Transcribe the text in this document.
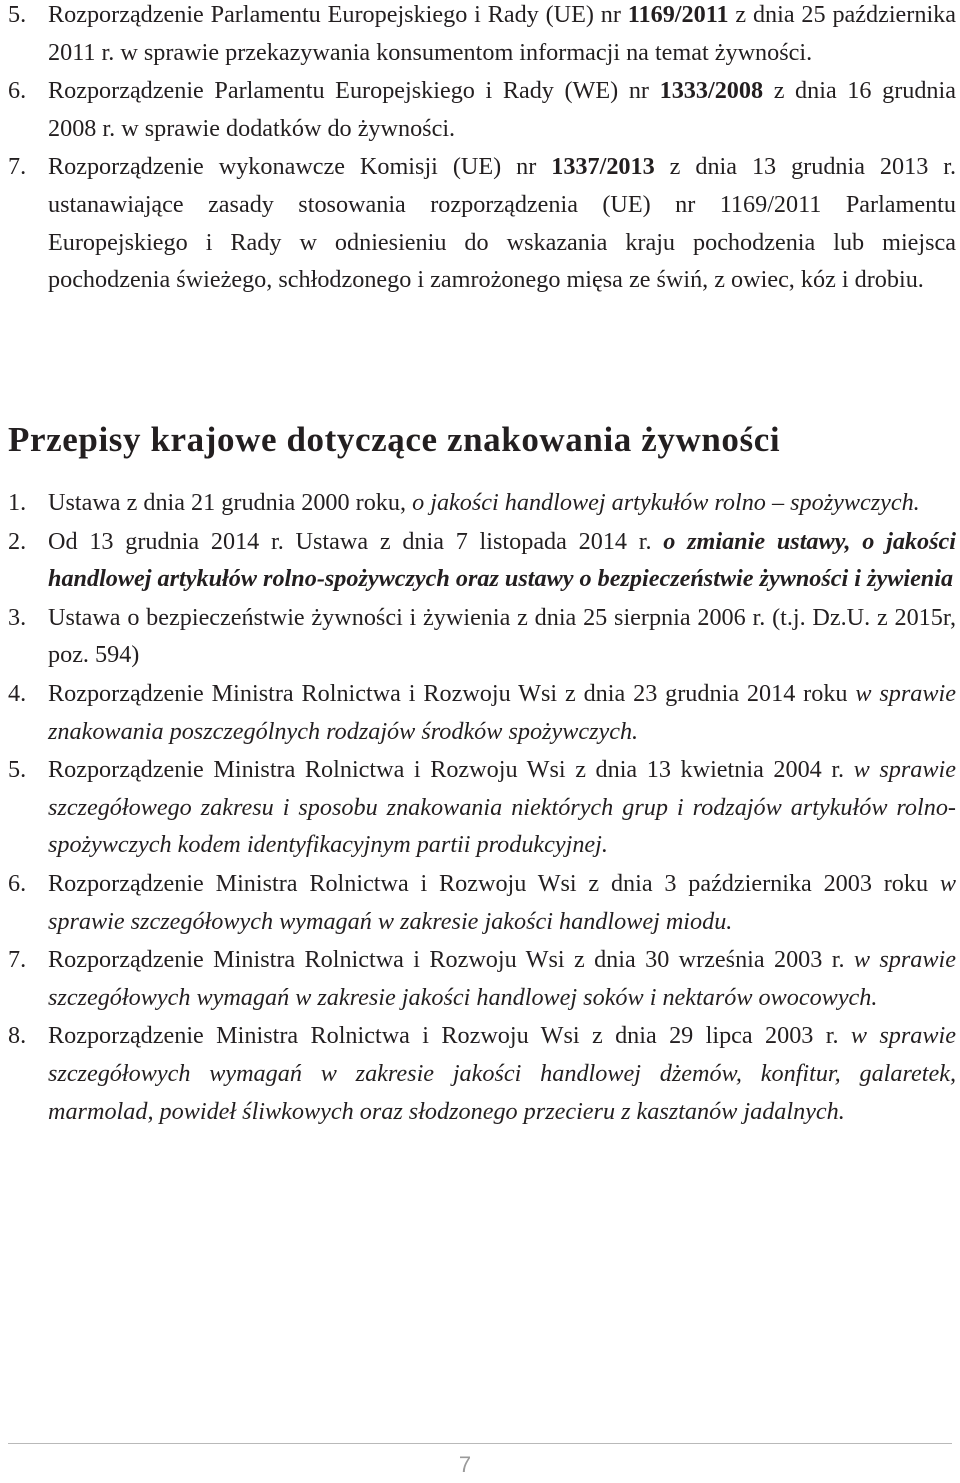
5. Rozporządzenie Parlamentu Europejskiego i Rady (UE) nr 1169/2011 z dnia 25 października 2011 r. w sprawie przekazywania konsumentom informacji na temat żywności.
6. Rozporządzenie Parlamentu Europejskiego i Rady (WE) nr 1333/2008 z dnia 16 grudnia 2008 r. w sprawie dodatków do żywności.
7. Rozporządzenie wykonawcze Komisji (UE) nr 1337/2013 z dnia 13 grudnia 2013 r. ustanawiające zasady stosowania rozporządzenia (UE) nr 1169/2011 Parlamentu Europejskiego i Rady w odniesieniu do wskazania kraju pochodzenia lub miejsca pochodzenia świeżego, schłodzonego i zamrożonego mięsa ze świń, z owiec, kóz i drobiu.
Przepisy krajowe dotyczące znakowania żywności
1. Ustawa z dnia 21 grudnia 2000 roku, o jakości handlowej artykułów rolno – spożywczych.
2. Od 13 grudnia 2014 r. Ustawa z dnia 7 listopada 2014 r. o zmianie ustawy, o jakości handlowej artykułów rolno-spożywczych oraz ustawy o bezpieczeństwie żywności i żywienia
3. Ustawa o bezpieczeństwie żywności i żywienia z dnia 25 sierpnia 2006 r. (t.j. Dz.U. z 2015r, poz. 594)
4. Rozporządzenie Ministra Rolnictwa i Rozwoju Wsi z dnia 23 grudnia 2014 roku w sprawie znakowania poszczególnych rodzajów środków spożywczych.
5. Rozporządzenie Ministra Rolnictwa i Rozwoju Wsi z dnia 13 kwietnia 2004 r. w sprawie szczegółowego zakresu i sposobu znakowania niektórych grup i rodzajów artykułów rolno-spożywczych kodem identyfikacyjnym partii produkcyjnej.
6. Rozporządzenie Ministra Rolnictwa i Rozwoju Wsi z dnia 3 października 2003 roku w sprawie szczegółowych wymagań w zakresie jakości handlowej miodu.
7. Rozporządzenie Ministra Rolnictwa i Rozwoju Wsi z dnia 30 września 2003 r. w sprawie szczegółowych wymagań w zakresie jakości handlowej soków i nektarów owocowych.
8. Rozporządzenie Ministra Rolnictwa i Rozwoju Wsi z dnia 29 lipca 2003 r. w sprawie szczegółowych wymagań w zakresie jakości handlowej dżemów, konfitur, galaretek, marmolad, powideł śliwkowych oraz słodzonego przecieru z kasztanów jadalnych.
7
